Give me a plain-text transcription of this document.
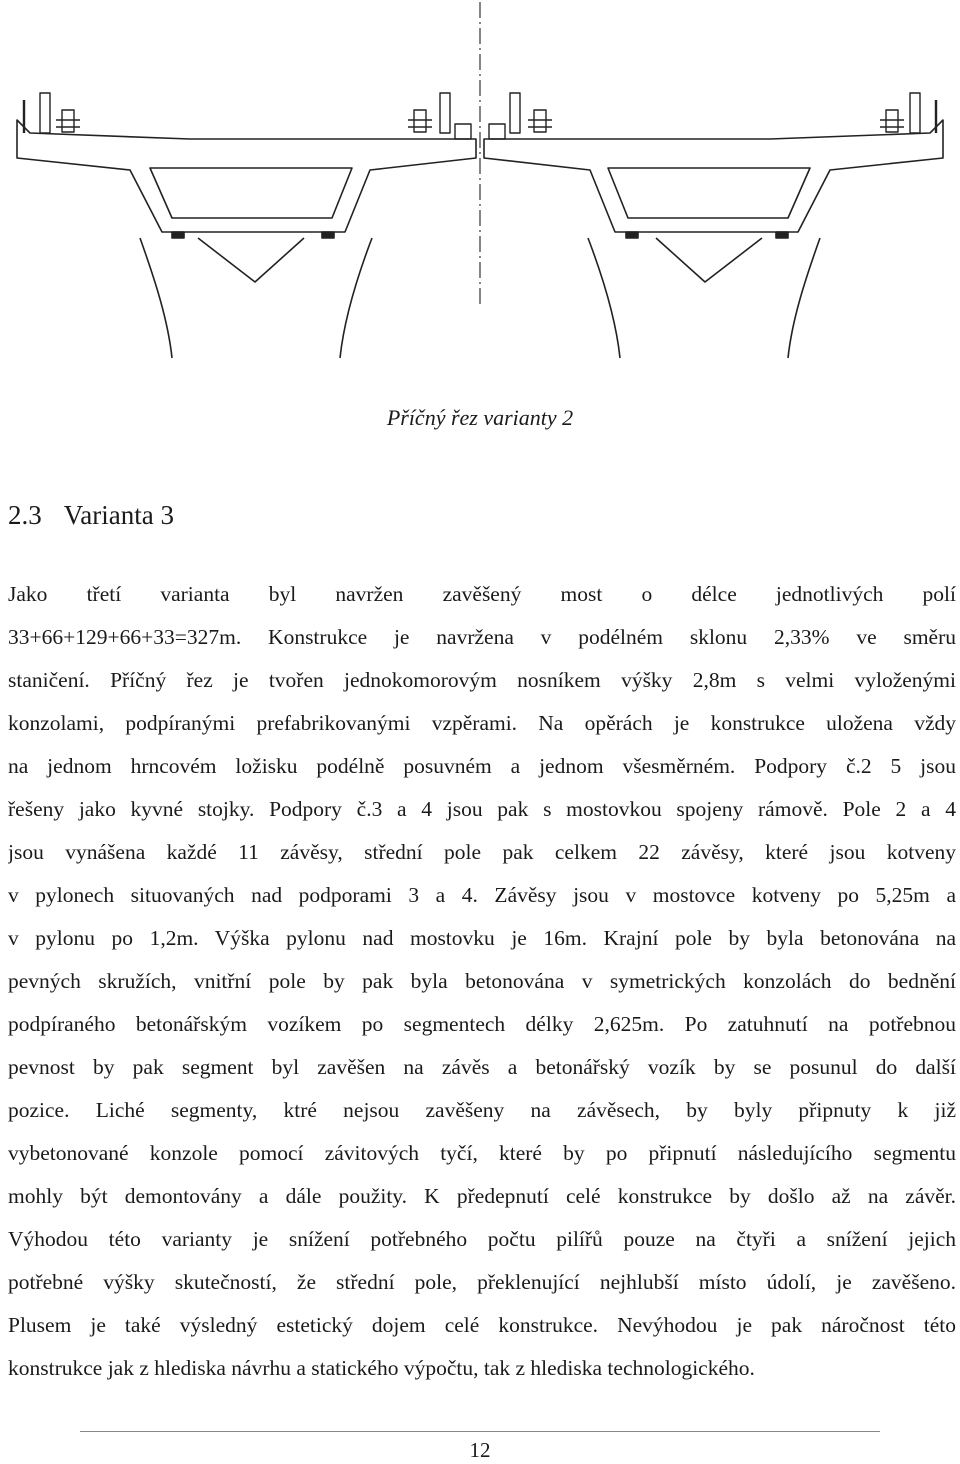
Příčný řez varianty 2
2.3 Varianta 3
Jako třetí varianta byl navržen zavěšený most o délce jednotlivých polí
33+66+129+66+33=327m. Konstrukce je navržena v podélném sklonu 2,33% ve směru
staničení. Příčný řez je tvořen jednokomorovým nosníkem výšky 2,8m s velmi vyloženými
konzolami, podpíranými prefabrikovanými vzpěrami. Na opěrách je konstrukce uložena vždy
na jednom hrncovém ložisku podélně posuvném a jednom všesměrném. Podpory č.2 5 jsou
řešeny jako kyvné stojky. Podpory č.3 a 4 jsou pak s mostovkou spojeny rámově. Pole 2 a 4
jsou vynášena každé 11 závěsy, střední pole pak celkem 22 závěsy, které jsou kotveny
v pylonech situovaných nad podporami 3 a 4. Závěsy jsou v mostovce kotveny po 5,25m a
v pylonu po 1,2m. Výška pylonu nad mostovku je 16m. Krajní pole by byla betonována na
pevných skružích, vnitřní pole by pak byla betonována v symetrických konzolách do bednění
podpíraného betonářským vozíkem po segmentech délky 2,625m. Po zatuhnutí na potřebnou
pevnost by pak segment byl zavěšen na závěs a betonářský vozík by se posunul do další
pozice. Liché segmenty, ktré nejsou zavěšeny na závěsech, by byly připnuty k již
vybetonované konzole pomocí závitových tyčí, které by po připnutí následujícího segmentu
mohly být demontovány a dále použity. K předepnutí celé konstrukce by došlo až na závěr.
Výhodou této varianty je snížení potřebného počtu pilířů pouze na čtyři a snížení jejich
potřebné výšky skutečností, že střední pole, překlenující nejhlubší místo údolí, je zavěšeno.
Plusem je také výsledný estetický dojem celé konstrukce. Nevýhodou je pak náročnost této
konstrukce jak z hlediska návrhu a statického výpočtu, tak z hlediska technologického.
12
